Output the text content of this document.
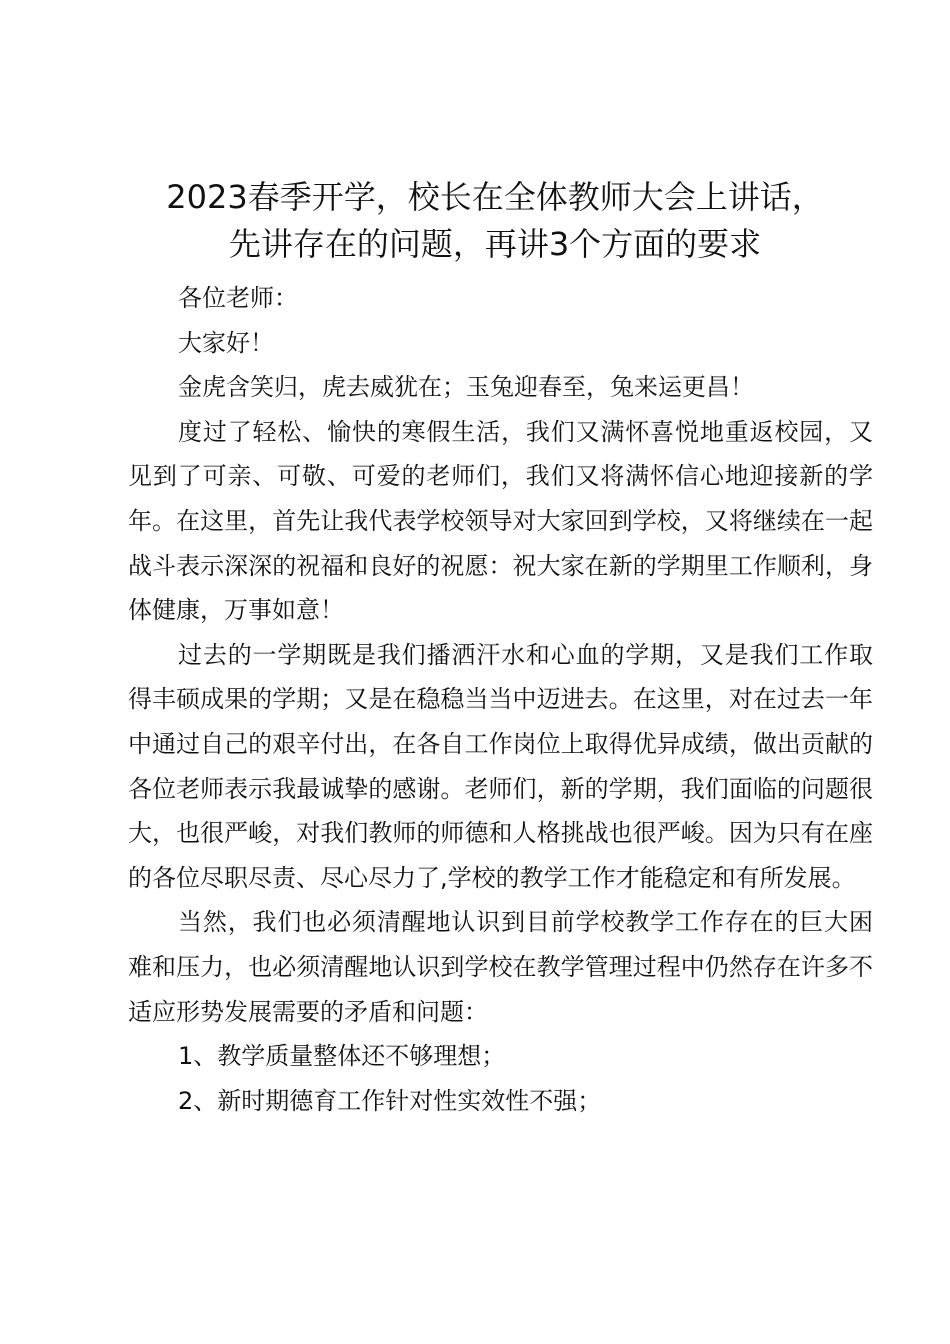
2023春季开学，校长在全体教师大会上讲话，
先讲存在的问题，再讲3个方面的要求

各位老师：

大家好！

金虎含笑归，虎去威犹在；玉兔迎春至，兔来运更昌！

度过了轻松、愉快的寒假生活，我们又满怀喜悦地重返校园，又见到了可亲、可敬、可爱的老师们，我们又将满怀信心地迎接新的学年。在这里，首先让我代表学校领导对大家回到学校，又将继续在一起战斗表示深深的祝福和良好的祝愿：祝大家在新的学期里工作顺利，身体健康，万事如意！

过去的一学期既是我们播洒汗水和心血的学期，又是我们工作取得丰硕成果的学期；又是在稳稳当当中迈进去。在这里，对在过去一年中通过自己的艰辛付出，在各自工作岗位上取得优异成绩，做出贡献的各位老师表示我最诚挚的感谢。老师们，新的学期，我们面临的问题很大，也很严峻，对我们教师的师德和人格挑战也很严峻。因为只有在座的各位尽职尽责、尽心尽力了,学校的教学工作才能稳定和有所发展。

当然，我们也必须清醒地认识到目前学校教学工作存在的巨大困难和压力，也必须清醒地认识到学校在教学管理过程中仍然存在许多不适应形势发展需要的矛盾和问题：

1、教学质量整体还不够理想；

2、新时期德育工作针对性实效性不强；
